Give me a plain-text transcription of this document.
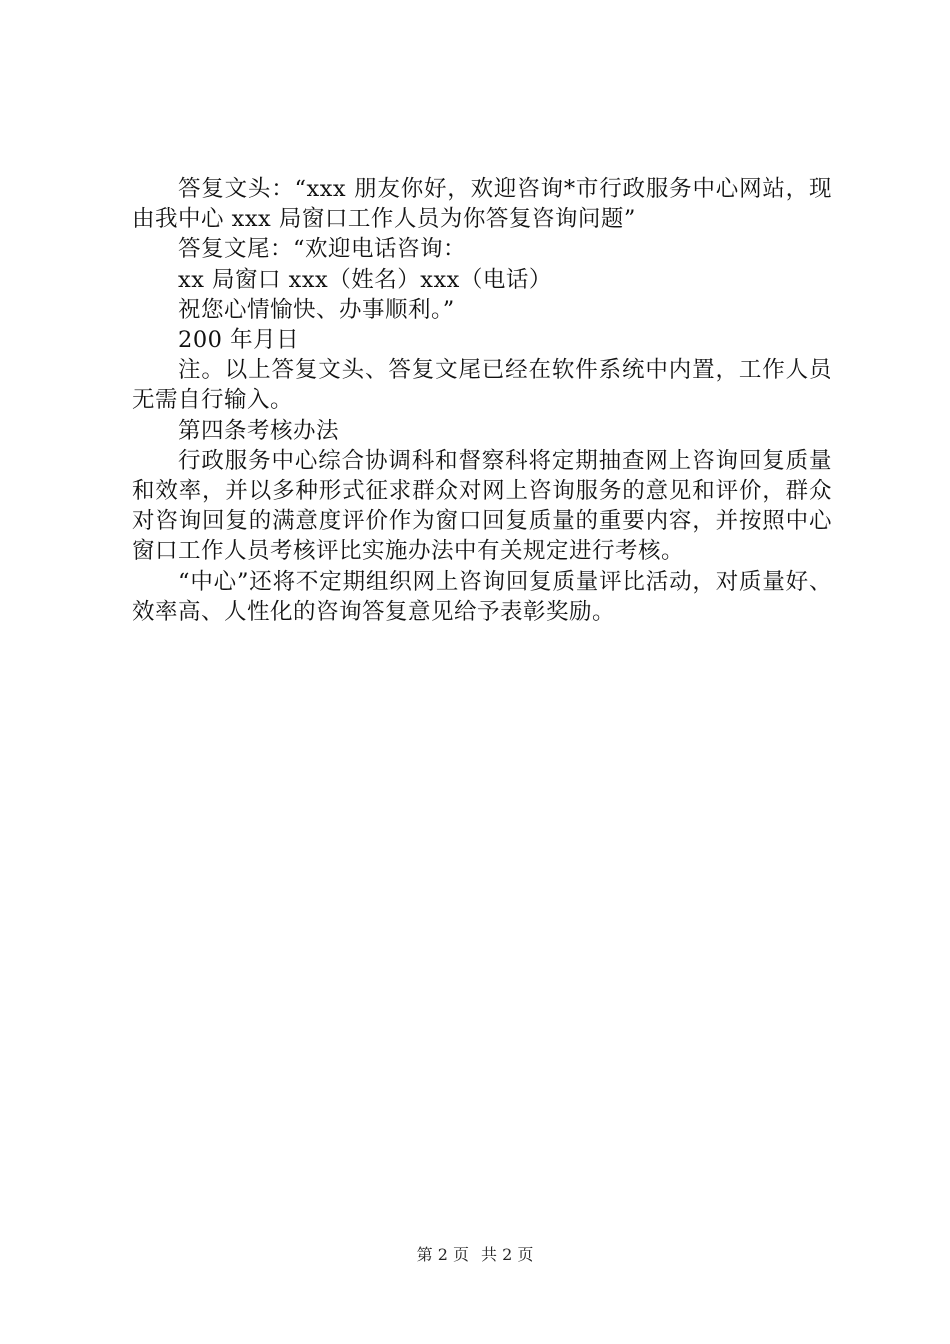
答复文头：“xxx 朋友你好，欢迎咨询*市行政服务中心网站，现由我中心 xxx 局窗口工作人员为你答复咨询问题”

答复文尾：“欢迎电话咨询：

xx 局窗口 xxx（姓名）xxx（电话）

祝您心情愉快、办事顺利。”

200 年月日

注。以上答复文头、答复文尾已经在软件系统中内置，工作人员无需自行输入。

第四条考核办法

行政服务中心综合协调科和督察科将定期抽查网上咨询回复质量和效率，并以多种形式征求群众对网上咨询服务的意见和评价，群众对咨询回复的满意度评价作为窗口回复质量的重要内容，并按照中心窗口工作人员考核评比实施办法中有关规定进行考核。

“中心”还将不定期组织网上咨询回复质量评比活动，对质量好、效率高、人性化的咨询答复意见给予表彰奖励。

第 2 页 共 2 页
